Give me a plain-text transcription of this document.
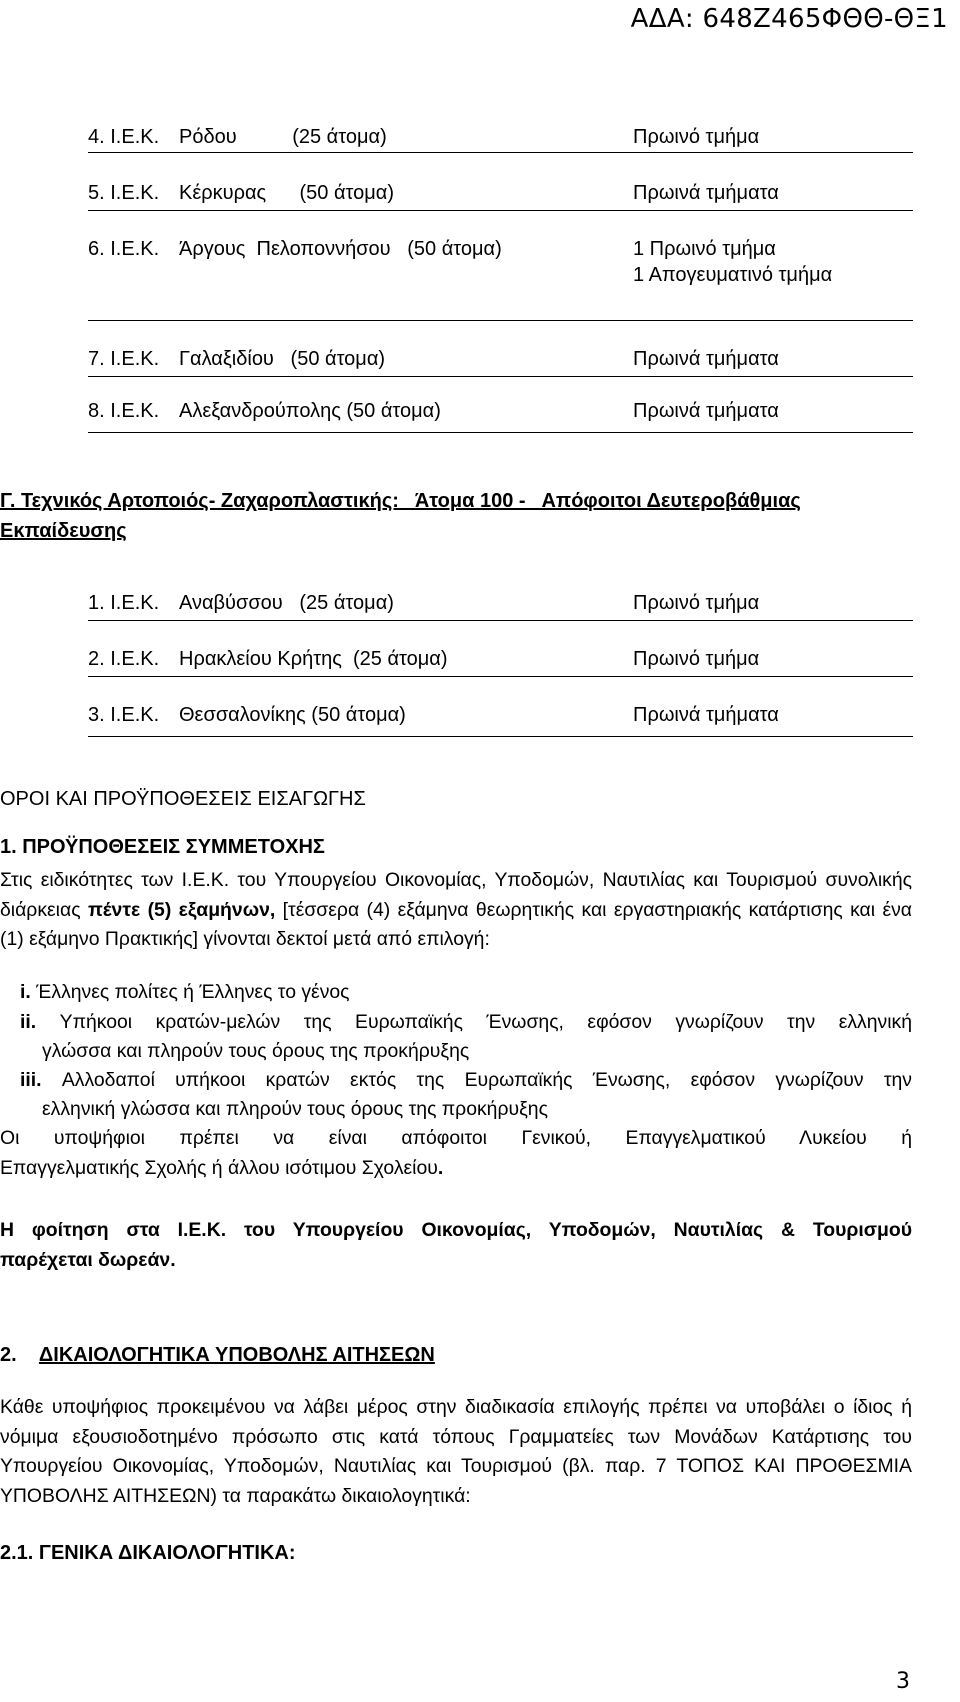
ΑΔΑ: 648Ζ465ΦΘΘ-ΘΞ1
4. Ι.Ε.Κ. Ρόδου          (25 άτομα)	Πρωινό τμήμα
5. Ι.Ε.Κ. Κέρκυρας      (50 άτομα)	Πρωινά τμήματα
6. Ι.Ε.Κ. Άργους  Πελοποννήσου   (50 άτομα)	1 Πρωινό τμήμα
1 Απογευματινό τμήμα
7. Ι.Ε.Κ. Γαλαξιδίου   (50 άτομα)	Πρωινά τμήματα
8. Ι.Ε.Κ. Αλεξανδρούπολης (50 άτομα)	Πρωινά τμήματα
Γ. Τεχνικός Αρτοποιός- Ζαχαροπλαστικής:   Άτομα 100 -   Απόφοιτοι Δευτεροβάθμιας
Εκπαίδευσης
1. Ι.Ε.Κ. Αναβύσσου   (25 άτομα)	Πρωινό τμήμα
2. Ι.Ε.Κ. Ηρακλείου Κρήτης  (25 άτομα)	Πρωινό τμήμα
3. Ι.Ε.Κ. Θεσσαλονίκης (50 άτομα)	Πρωινά τμήματα
ΟΡΟΙ ΚΑΙ ΠΡΟΫΠΟΘΕΣΕΙΣ ΕΙΣΑΓΩΓΗΣ
1. ΠΡΟΫΠΟΘΕΣΕΙΣ ΣΥΜΜΕΤΟΧΗΣ
Στις ειδικότητες των Ι.Ε.Κ. του Υπουργείου Οικονομίας, Υποδομών, Ναυτιλίας και Τουρισμού συνολικής διάρκειας πέντε (5) εξαμήνων, [τέσσερα (4) εξάμηνα θεωρητικής και εργαστηριακής κατάρτισης και ένα (1) εξάμηνο Πρακτικής] γίνονται δεκτοί μετά από επιλογή:
i. Έλληνες πολίτες ή Έλληνες το γένος
ii. Υπήκοοι κρατών-μελών της Ευρωπαϊκής Ένωσης, εφόσον γνωρίζουν την ελληνική
γλώσσα και πληρούν τους όρους της προκήρυξης
iii. Αλλοδαποί υπήκοοι κρατών εκτός της Ευρωπαϊκής Ένωσης, εφόσον γνωρίζουν την
ελληνική γλώσσα και πληρούν τους όρους της προκήρυξης
Οι υποψήφιοι πρέπει να είναι απόφοιτοι Γενικού, Επαγγελματικού Λυκείου ή
Επαγγελματικής Σχολής ή άλλου ισότιμου Σχολείου.
Η φοίτηση στα Ι.Ε.Κ. του Υπουργείου Οικονομίας, Υποδομών, Ναυτιλίας & Τουρισμού
παρέχεται δωρεάν.
2. ΔΙΚΑΙΟΛΟΓΗΤΙΚΑ ΥΠΟΒΟΛΗΣ ΑΙΤΗΣΕΩΝ
Κάθε υποψήφιος προκειμένου να λάβει μέρος στην διαδικασία επιλογής πρέπει να υποβάλει ο ίδιος ή νόμιμα εξουσιοδοτημένο πρόσωπο στις κατά τόπους Γραμματείες των Μονάδων Κατάρτισης του Υπουργείου Οικονομίας, Υποδομών, Ναυτιλίας και Τουρισμού (βλ. παρ. 7 ΤΟΠΟΣ ΚΑΙ ΠΡΟΘΕΣΜΙΑ ΥΠΟΒΟΛΗΣ ΑΙΤΗΣΕΩΝ) τα παρακάτω δικαιολογητικά:
2.1. ΓΕΝΙΚΑ ΔΙΚΑΙΟΛΟΓΗΤΙΚΑ:
3
